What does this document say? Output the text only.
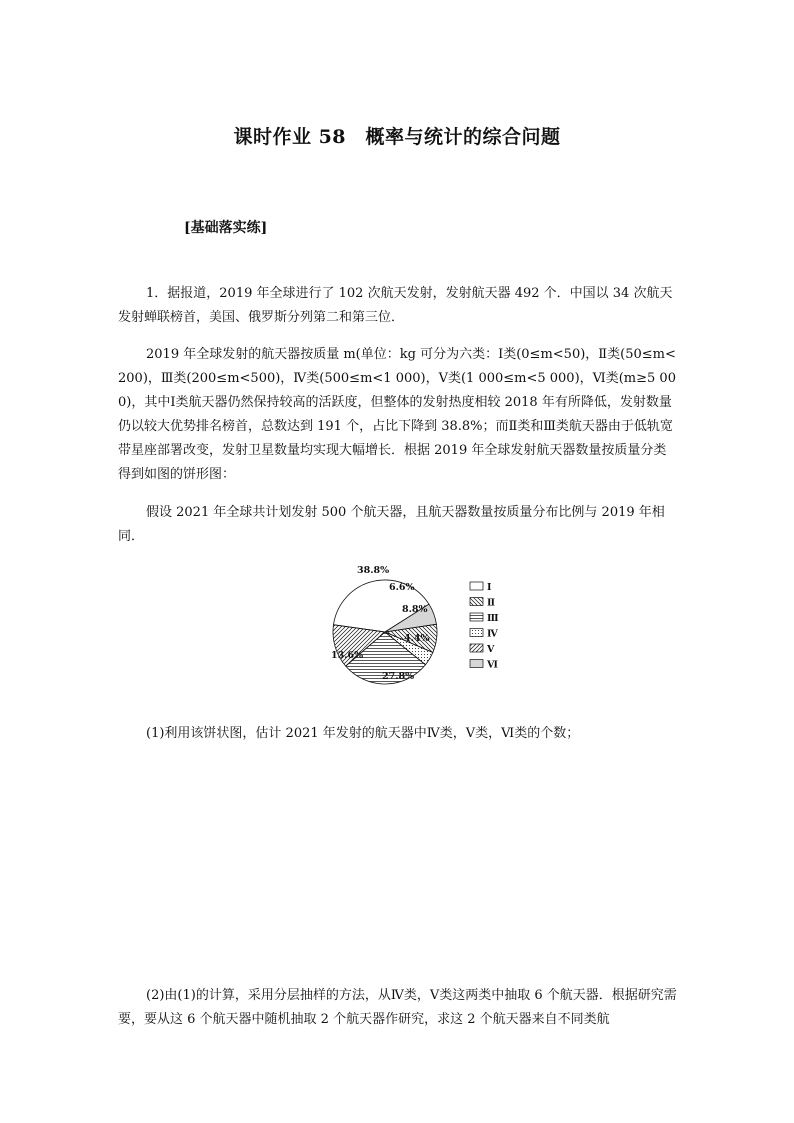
课时作业 58　概率与统计的综合问题
[基础落实练]

1．据报道，2019 年全球进行了 102 次航天发射，发射航天器 492 个．中国以 34 次航天发射蝉联榜首，美国、俄罗斯分列第二和第三位．

2019 年全球发射的航天器按质量 m(单位：kg 可分为六类：Ⅰ类(0≤m<50)，Ⅱ类(50≤m<200)，Ⅲ类(200≤m<500)，Ⅳ类(500≤m<1 000)，Ⅴ类(1 000≤m<5 000)，Ⅵ类(m≥5 000)，其中Ⅰ类航天器仍然保持较高的活跃度，但整体的发射热度相较 2018 年有所降低，发射数量仍以较大优势排名榜首，总数达到 191 个，占比下降到 38.8%；而Ⅱ类和Ⅲ类航天器由于低轨宽带星座部署改变，发射卫星数量均实现大幅增长．根据 2019 年全球发射航天器数量按质量分类得到如图的饼形图：

假设 2021 年全球共计划发射 500 个航天器，且航天器数量按质量分布比例与 2019 年相同．

38.8%
6.6%
8.8%
4.4%
27.8%
13.6%
Ⅰ
Ⅱ
Ⅲ
Ⅳ
Ⅴ
Ⅵ

(1)利用该饼状图，估计 2021 年发射的航天器中Ⅳ类，Ⅴ类，Ⅵ类的个数；

(2)由(1)的计算，采用分层抽样的方法，从Ⅳ类，Ⅴ类这两类中抽取 6 个航天器．根据研究需要，要从这 6 个航天器中随机抽取 2 个航天器作研究，求这 2 个航天器来自不同类航
